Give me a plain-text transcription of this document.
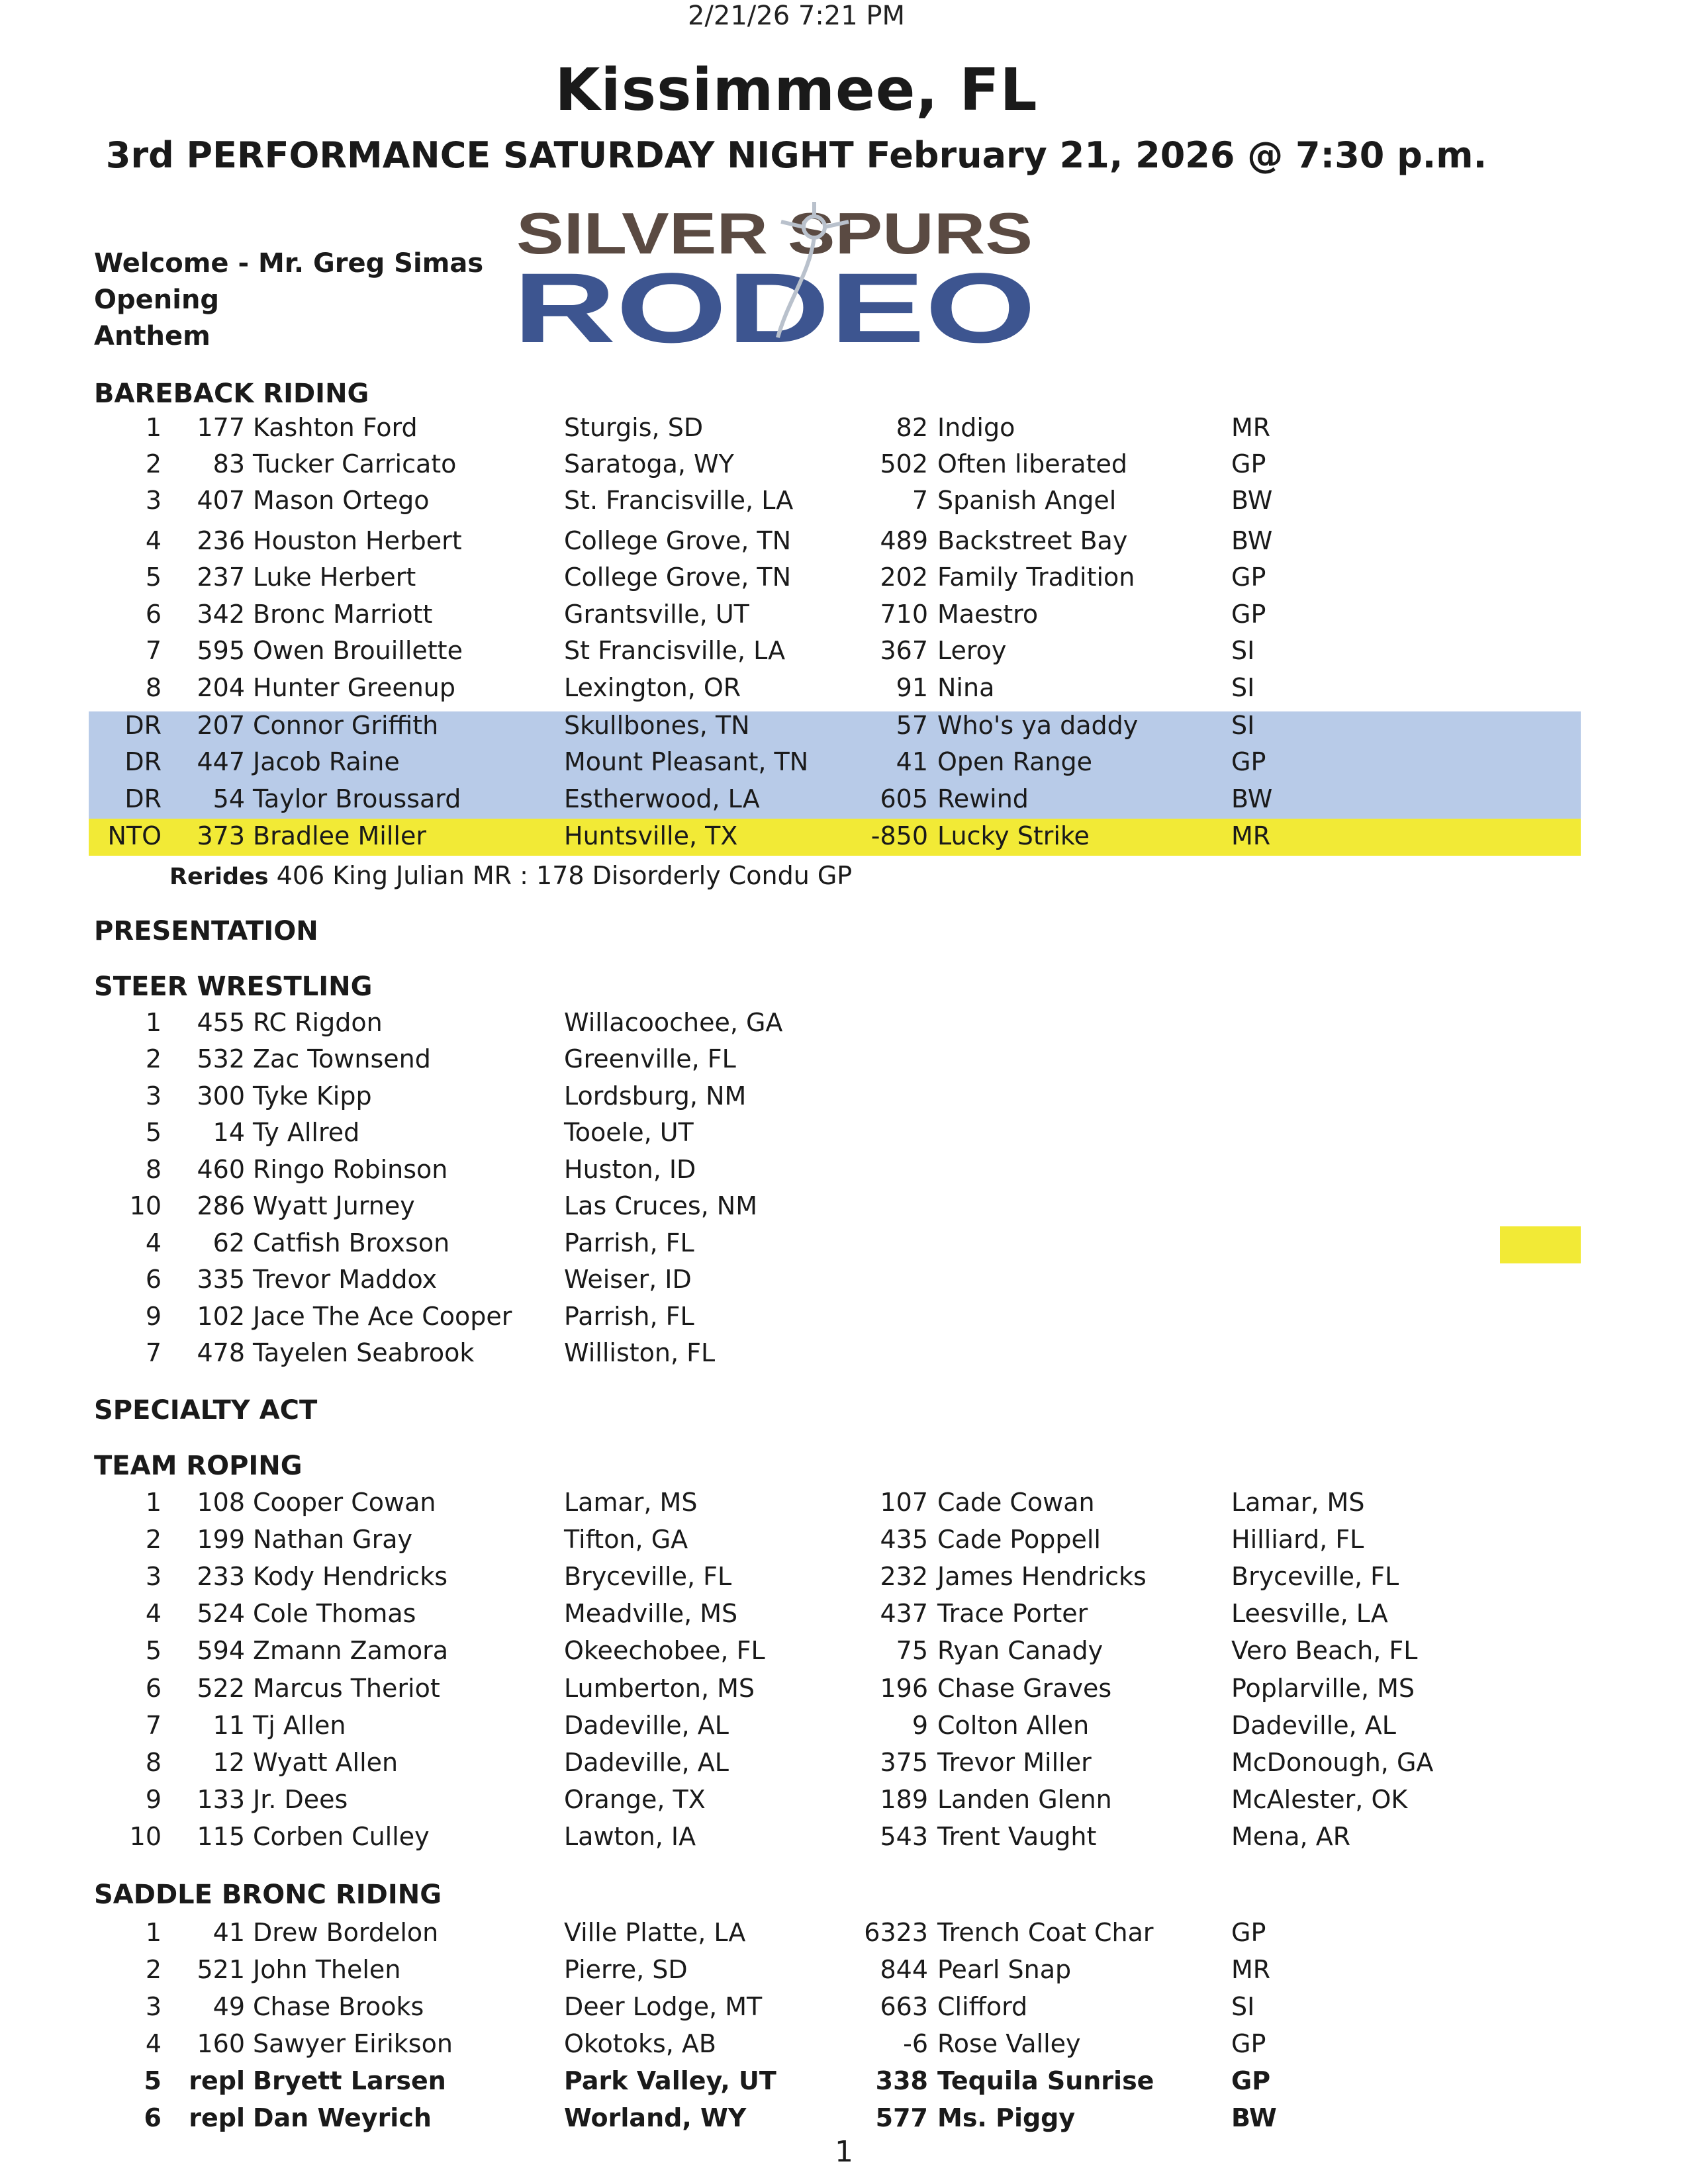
2/21/26 7:21 PM
Kissimmee, FL
3rd PERFORMANCE SATURDAY NIGHT February 21, 2026 @ 7:30 p.m.
Welcome - Mr. Greg Simas
Opening
Anthem
SILVER SPURS
RODEO
BAREBACK RIDING
1 177 Kashton Ford	Sturgis, SD	82 Indigo	MR
2 83 Tucker Carricato	Saratoga, WY	502 Often liberated	GP
3 407 Mason Ortego	St. Francisville, LA	7 Spanish Angel	BW
4 236 Houston Herbert	College Grove, TN	489 Backstreet Bay	BW
5 237 Luke Herbert	College Grove, TN	202 Family Tradition	GP
6 342 Bronc Marriott	Grantsville, UT	710 Maestro	GP
7 595 Owen Brouillette	St Francisville, LA	367 Leroy	SI
8 204 Hunter Greenup	Lexington, OR	91 Nina	SI
DR 207 Connor Griffith	Skullbones, TN	57 Who's ya daddy	SI
DR 447 Jacob Raine	Mount Pleasant, TN	41 Open Range	GP
DR 54 Taylor Broussard	Estherwood, LA	605 Rewind	BW
NTO 373 Bradlee Miller	Huntsville, TX	-850 Lucky Strike	MR
Rerides 406 King Julian MR : 178 Disorderly Condu GP
PRESENTATION
STEER WRESTLING
1 455 RC Rigdon	Willacoochee, GA
2 532 Zac Townsend	Greenville, FL
3 300 Tyke Kipp	Lordsburg, NM
5 14 Ty Allred	Tooele, UT
8 460 Ringo Robinson	Huston, ID
10 286 Wyatt Jurney	Las Cruces, NM
4 62 Catfish Broxson	Parrish, FL
6 335 Trevor Maddox	Weiser, ID
9 102 Jace The Ace Cooper Parrish, FL
7 478 Tayelen Seabrook	Williston, FL
SPECIALTY ACT
TEAM ROPING
1 108 Cooper Cowan	Lamar, MS	107 Cade Cowan	Lamar, MS
2 199 Nathan Gray	Tifton, GA	435 Cade Poppell	Hilliard, FL
3 233 Kody Hendricks	Bryceville, FL	232 James Hendricks	Bryceville, FL
4 524 Cole Thomas	Meadville, MS	437 Trace Porter	Leesville, LA
5 594 Zmann Zamora	Okeechobee, FL	75 Ryan Canady	Vero Beach, FL
6 522 Marcus Theriot	Lumberton, MS	196 Chase Graves	Poplarville, MS
7 11 Tj Allen	Dadeville, AL	9 Colton Allen	Dadeville, AL
8 12 Wyatt Allen	Dadeville, AL	375 Trevor Miller	McDonough, GA
9 133 Jr. Dees	Orange, TX	189 Landen Glenn	McAlester, OK
10 115 Corben Culley	Lawton, IA	543 Trent Vaught	Mena, AR
SADDLE BRONC RIDING
1 41 Drew Bordelon	Ville Platte, LA	6323 Trench Coat Char	GP
2 521 John Thelen	Pierre, SD	844 Pearl Snap	MR
3 49 Chase Brooks	Deer Lodge, MT	663 Clifford	SI
4 160 Sawyer Eirikson	Okotoks, AB	-6 Rose Valley	GP
5 repl Bryett Larsen	Park Valley, UT	338 Tequila Sunrise	GP
6 repl Dan Weyrich	Worland, WY	577 Ms. Piggy	BW
1
